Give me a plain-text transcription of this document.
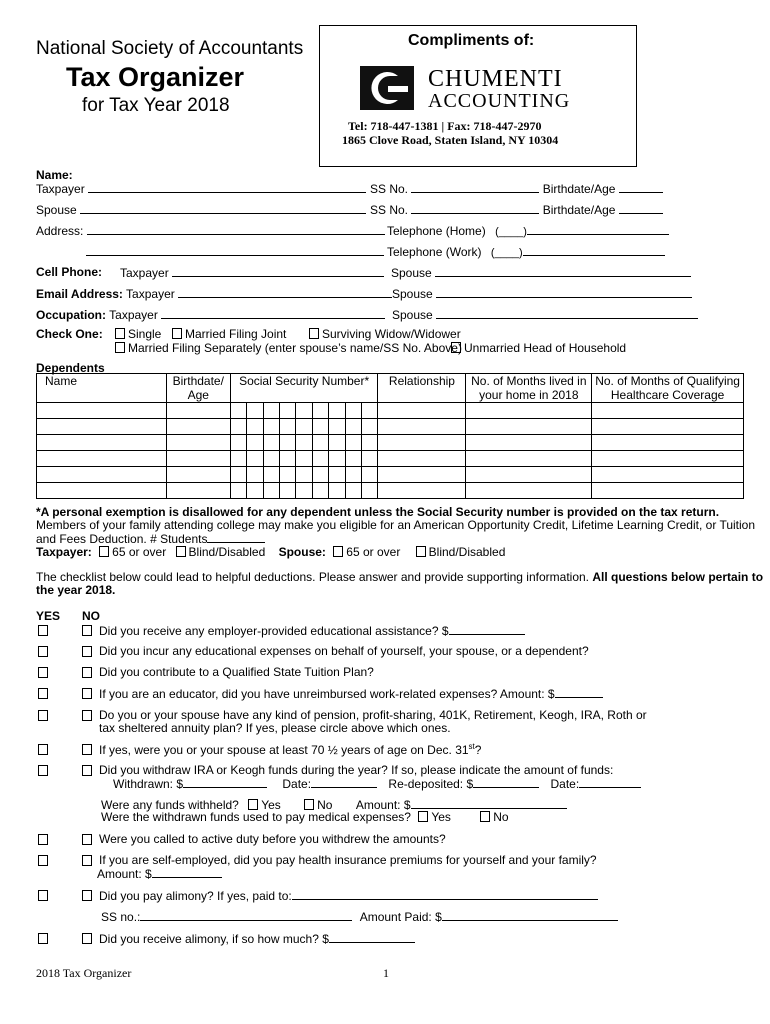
National Society of Accountants
Tax Organizer
for Tax Year 2018
Compliments of:
CHUMENTI
ACCOUNTING
Tel: 718-447-1381 | Fax: 718-447-2970
1865 Clove Road, Staten Island, NY 10304
Name:
Taxpayer	SS No.	Birthdate/Age
Spouse	SS No.	Birthdate/Age
Address:	Telephone (Home) (____)
Telephone (Work) (____)
Cell Phone: Taxpayer	Spouse
Email Address: Taxpayer	Spouse
Occupation: Taxpayer	Spouse
Check One:	Single	Married Filing Joint	Surviving Widow/Widower
Married Filing Separately (enter spouse’s name/SS No. Above) Unmarried Head of Household
Dependents
Name	Birthdate/ Age	Social Security Number*	Relationship	No. of Months lived in your home in 2018	No. of Months of Qualifying Healthcare Coverage

*A personal exemption is disallowed for any dependent unless the Social Security number is provided on the tax return.
Members of your family attending college may make you eligible for an American Opportunity Credit, Lifetime Learning Credit, or Tuition
and Fees Deduction. # Students
Taxpayer: 65 or over Blind/Disabled Spouse: 65 or over Blind/Disabled
The checklist below could lead to helpful deductions. Please answer and provide supporting information. All questions below pertain to
the year 2018.
YES NO
Did you receive any employer-provided educational assistance? $
Did you incur any educational expenses on behalf of yourself, your spouse, or a dependent?
Did you contribute to a Qualified State Tuition Plan?
If you are an educator, did you have unreimbursed work-related expenses? Amount: $
Do you or your spouse have any kind of pension, profit-sharing, 401K, Retirement, Keogh, IRA, Roth or
tax sheltered annuity plan? If yes, please circle above which ones.
If yes, were you or your spouse at least 70 ½ years of age on Dec. 31st?
Did you withdraw IRA or Keogh funds during the year? If so, please indicate the amount of funds:
Withdrawn: $	Date:	Re-deposited: $	Date:
Were any funds withheld? Yes	No Amount: $
Were the withdrawn funds used to pay medical expenses? Yes	No
Were you called to active duty before you withdrew the amounts?
If you are self-employed, did you pay health insurance premiums for yourself and your family?
Amount: $
Did you pay alimony? If yes, paid to:
SS no.:	Amount Paid: $
Did you receive alimony, if so how much? $
2018 Tax Organizer	1
